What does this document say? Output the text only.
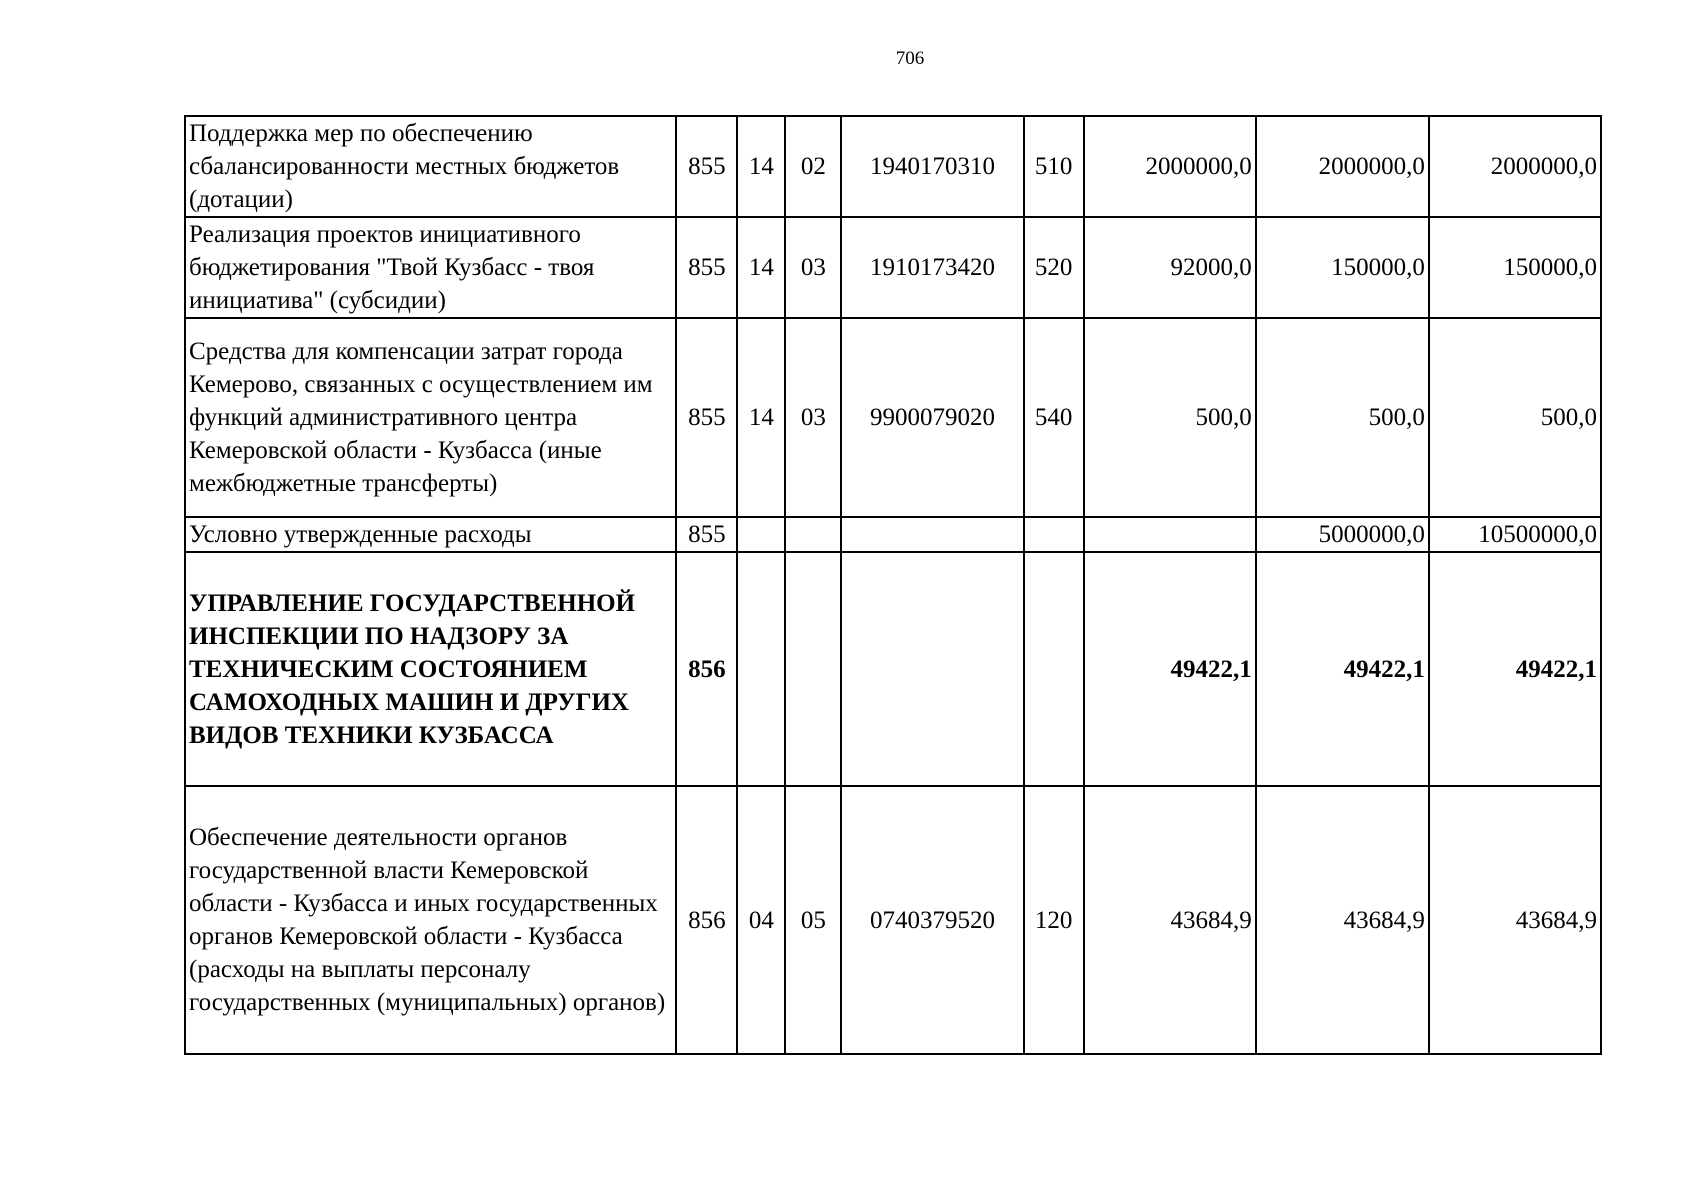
706
Поддержка мер по обеспечению сбалансированности местных бюджетов (дотации)	855	14	02	1940170310	510	2000000,0	2000000,0	2000000,0
Реализация проектов инициативного бюджетирования "Твой Кузбасс - твоя инициатива" (субсидии)	855	14	03	1910173420	520	92000,0	150000,0	150000,0
Средства для компенсации затрат города Кемерово, связанных с осуществлением им функций административного центра Кемеровской области - Кузбасса (иные межбюджетные трансферты)	855	14	03	9900079020	540	500,0	500,0	500,0
Условно утвержденные расходы	855						5000000,0	10500000,0
УПРАВЛЕНИЕ ГОСУДАРСТВЕННОЙ ИНСПЕКЦИИ ПО НАДЗОРУ ЗА ТЕХНИЧЕСКИМ СОСТОЯНИЕМ САМОХОДНЫХ МАШИН И ДРУГИХ ВИДОВ ТЕХНИКИ КУЗБАССА	856					49422,1	49422,1	49422,1
Обеспечение деятельности органов государственной власти Кемеровской области - Кузбасса и иных государственных органов Кемеровской области - Кузбасса (расходы на выплаты персоналу государственных (муниципальных) органов)	856	04	05	0740379520	120	43684,9	43684,9	43684,9
